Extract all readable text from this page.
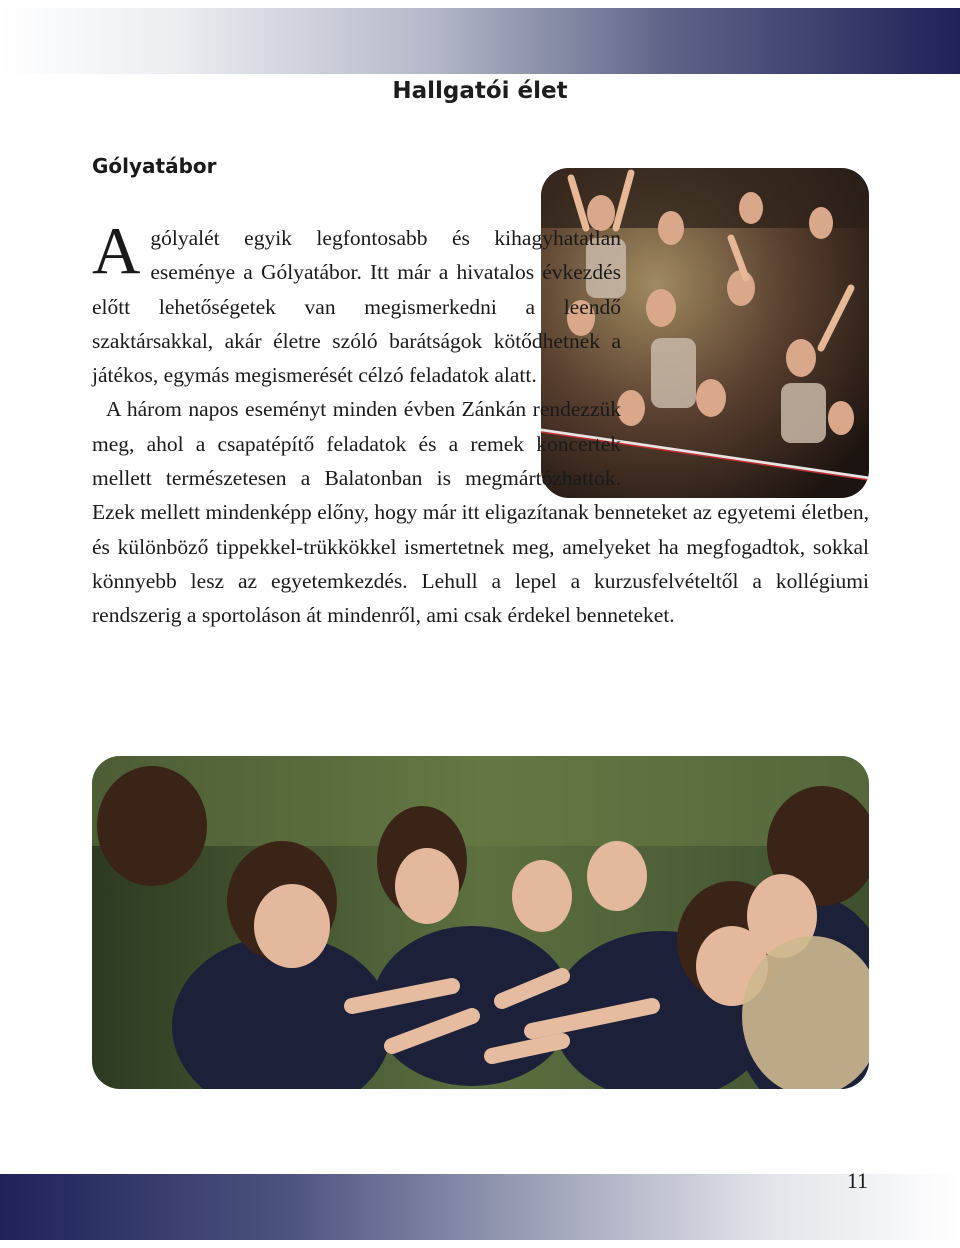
Hallgatói élet
Gólyatábor

Agólyalét egyik legfontosabb és kihagyhatatlan eseménye a Gólyatábor. Itt már a hivatalos évkezdés előtt lehetőségetek van megismerkedni a leendő szaktársakkal, akár életre szóló barátságok kötődhetnek a játékos, egymás megismerését célzó feladatok alatt.

A három napos eseményt minden évben Zánkán rendezzük meg, ahol a csapatépítő feladatok és a remek koncertek mellett természetesen a Balatonban is megmártózhattok. Ezek mellett mindenképp előny, hogy már itt eligazítanak benneteket az egyetemi életben, és különböző tippekkel-trükkökkel ismertetnek meg, amelyeket ha megfogadtok, sokkal könnyebb lesz az egyetemkezdés. Lehull a lepel a kurzusfelvételtől a kollégiumi rendszerig a sportoláson át mindenről, ami csak érdekel benneteket.

11
